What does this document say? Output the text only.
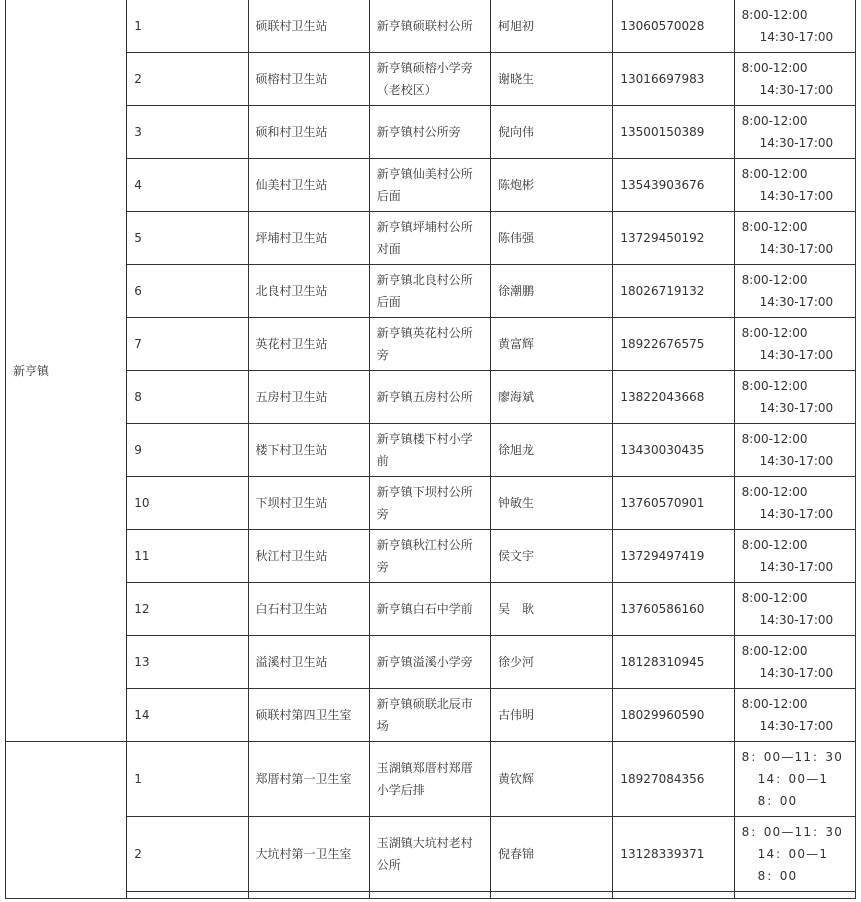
新亨镇	1	硕联村卫生站	新亨镇硕联村公所	柯旭初	13060570028	8:00-12:00
14:30-17:00

	2	硕榕村卫生站	新亨镇硕榕小学旁（老校区）	谢晓生	13016697983	8:00-12:00
14:30-17:00

	3	硕和村卫生站	新亨镇村公所旁	倪向伟	13500150389	8:00-12:00
14:30-17:00

	4	仙美村卫生站	新亨镇仙美村公所后面	陈炮彬	13543903676	8:00-12:00
14:30-17:00

	5	坪埔村卫生站	新亨镇坪埔村公所对面	陈伟强	13729450192	8:00-12:00
14:30-17:00

	6	北良村卫生站	新亨镇北良村公所后面	徐潮鹏	18026719132	8:00-12:00
14:30-17:00

	7	英花村卫生站	新亨镇英花村公所旁	黄富辉	18922676575	8:00-12:00
14:30-17:00

	8	五房村卫生站	新亨镇五房村公所	廖海斌	13822043668	8:00-12:00
14:30-17:00

	9	楼下村卫生站	新亨镇楼下村小学前	徐旭龙	13430030435	8:00-12:00
14:30-17:00

	10	下坝村卫生站	新亨镇下坝村公所旁	钟敏生	13760570901	8:00-12:00
14:30-17:00

	11	秋江村卫生站	新亨镇秋江村公所旁	侯文宇	13729497419	8:00-12:00
14:30-17:00

	12	白石村卫生站	新亨镇白石中学前	吴　耿	13760586160	8:00-12:00
14:30-17:00

	13	溢溪村卫生站	新亨镇溢溪小学旁	徐少河	18128310945	8:00-12:00
14:30-17:00

	14	硕联村第四卫生室	新亨镇硕联北辰市场	古伟明	18029960590	8:00-12:00
14:30-17:00

	1	郑厝村第一卫生室	玉湖镇郑厝村郑厝小学后排	黄钦辉	18927084356	8：00—11：30
14：00—18：00

	2	大坑村第一卫生室	玉湖镇大坑村老村公所	倪春锦	13128339371	8：00—11：30
14：00—18：00
